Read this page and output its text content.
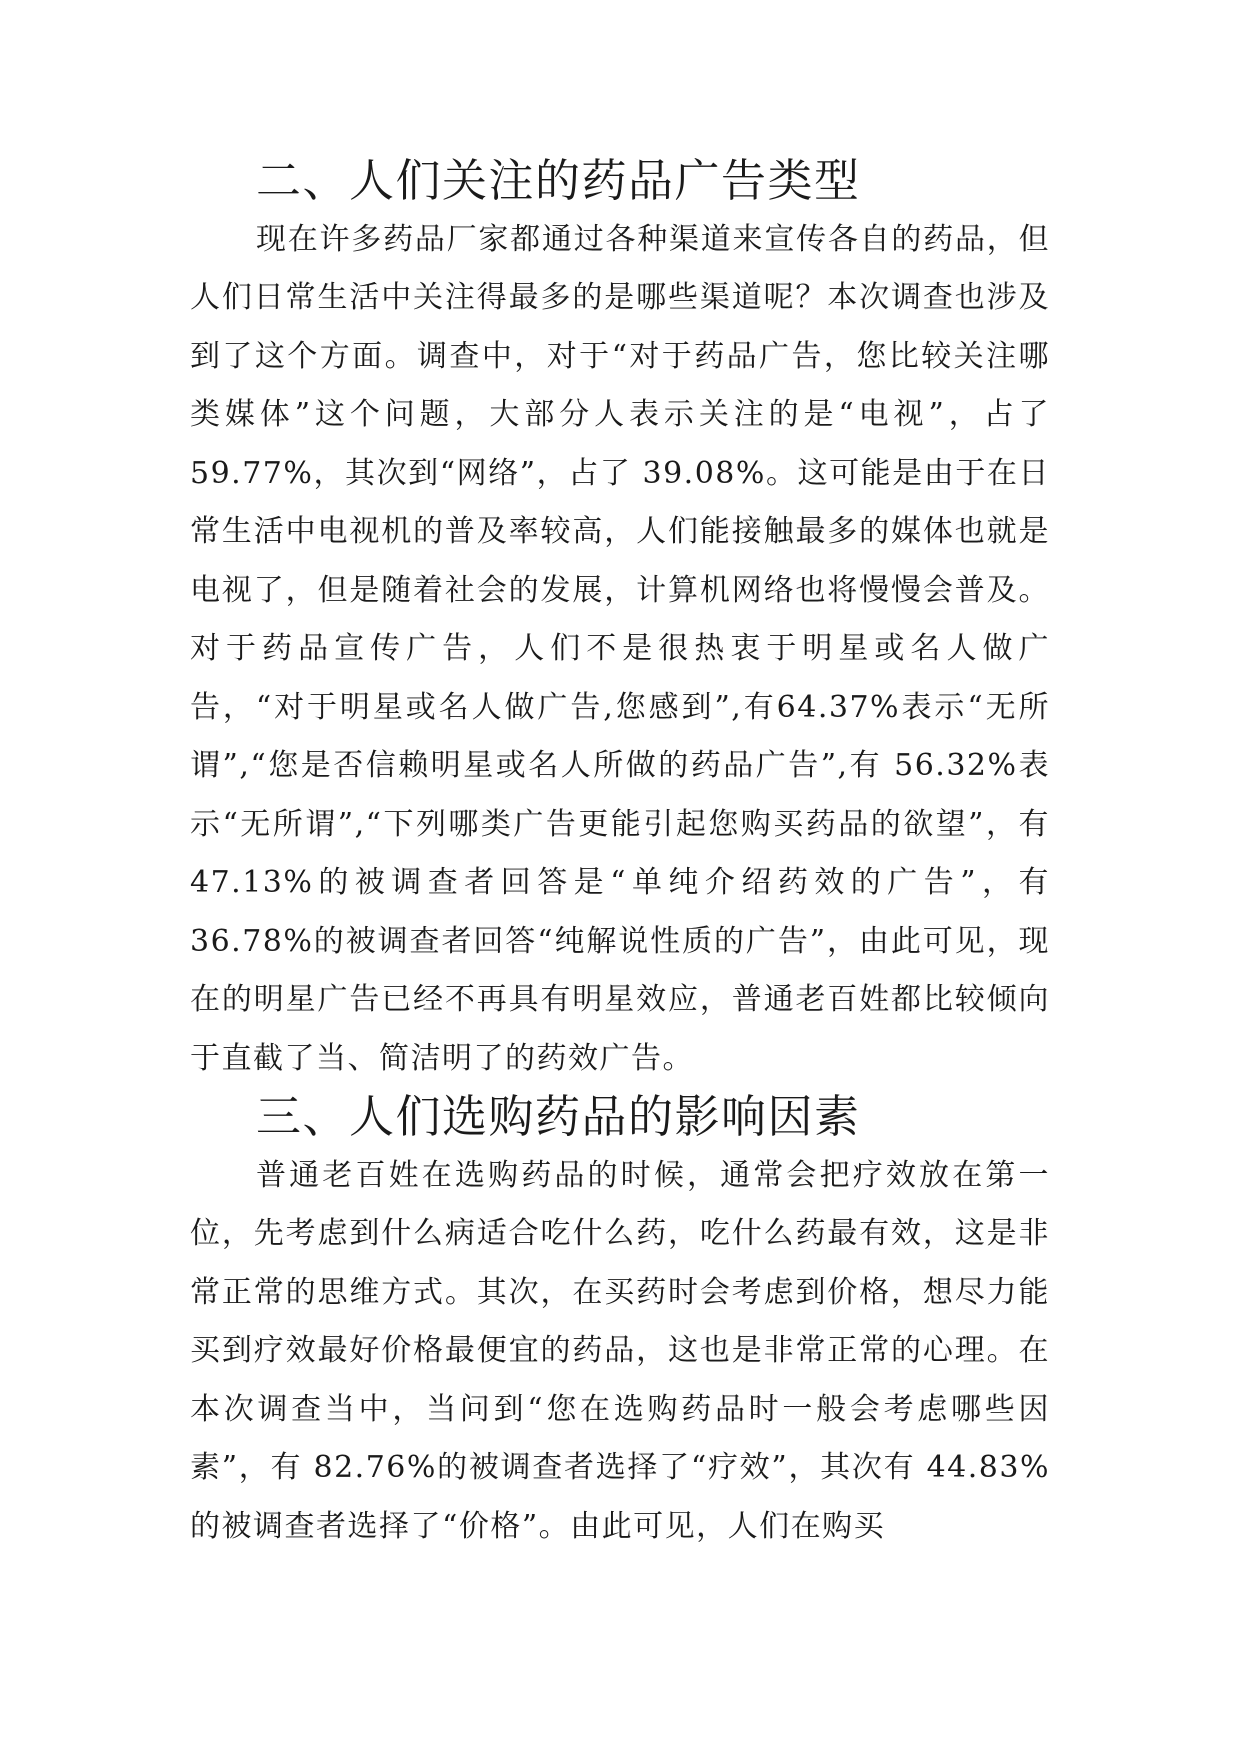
二、人们关注的药品广告类型

现在许多药品厂家都通过各种渠道来宣传各自的药品，但人们日常生活中关注得最多的是哪些渠道呢？本次调查也涉及到了这个方面。调查中，对于“对于药品广告，您比较关注哪类媒体”这个问题，大部分人表示关注的是“电视”，占了 59.77%，其次到“网络”，占了 39.08%。这可能是由于在日常生活中电视机的普及率较高，人们能接触最多的媒体也就是电视了，但是随着社会的发展，计算机网络也将慢慢会普及。对于药品宣传广告，人们不是很热衷于明星或名人做广告，“对于明星或名人做广告,您感到”,有64.37%表示“无所谓”,“您是否信赖明星或名人所做的药品广告”,有 56.32%表示“无所谓”,“下列哪类广告更能引起您购买药品的欲望”，有 47.13%的被调查者回答是“单纯介绍药效的广告”，有 36.78%的被调查者回答“纯解说性质的广告”，由此可见，现在的明星广告已经不再具有明星效应，普通老百姓都比较倾向于直截了当、简洁明了的药效广告。

三、人们选购药品的影响因素

普通老百姓在选购药品的时候，通常会把疗效放在第一位，先考虑到什么病适合吃什么药，吃什么药最有效，这是非常正常的思维方式。其次，在买药时会考虑到价格，想尽力能买到疗效最好价格最便宜的药品，这也是非常正常的心理。在本次调查当中，当问到“您在选购药品时一般会考虑哪些因素”，有 82.76%的被调查者选择了“疗效”，其次有 44.83%的被调查者选择了“价格”。由此可见，人们在购买
